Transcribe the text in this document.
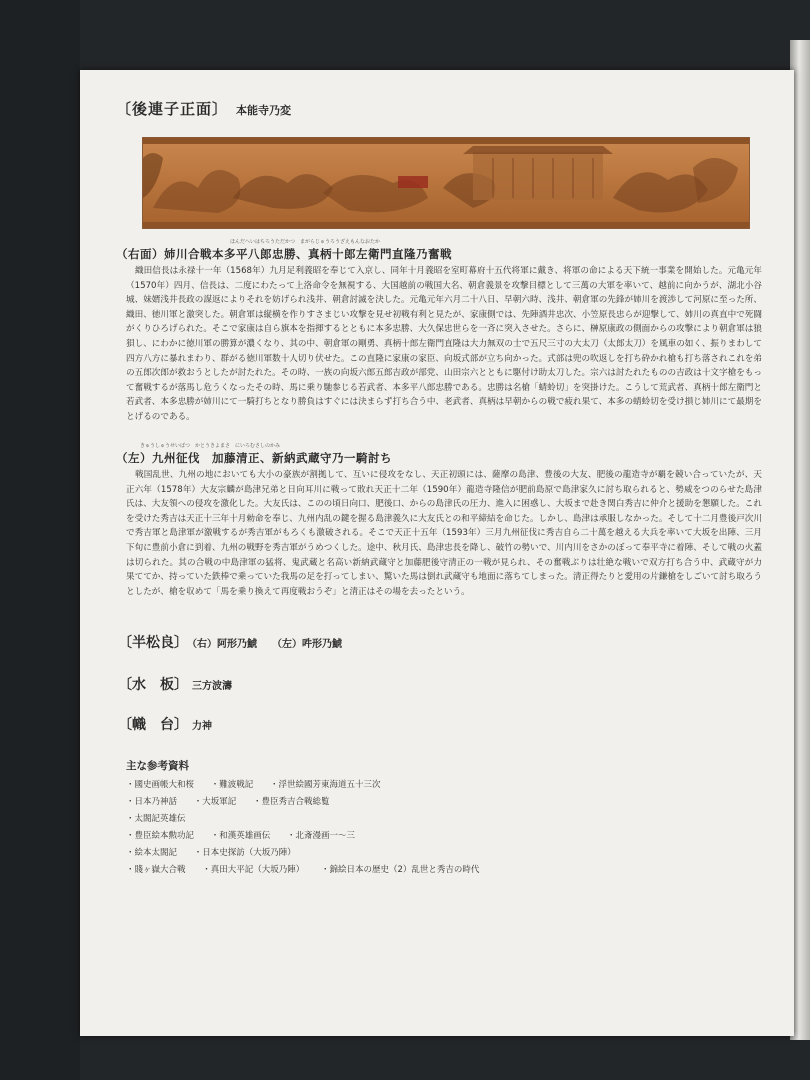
〔後連子正面〕 本能寺乃変
（右面）姉川合戦本多平八郎忠勝、真柄十郎左衛門直隆乃奮戦
ほんだへいはちろうただかつ　まがらじゅうろうざえもんなおたか
織田信長は永禄十一年（1568年）九月足利義昭を奉じて入京し、同年十月義昭を室町幕府十五代将軍に戴き、将軍の命による天下統一事業を開始した。元亀元年（1570年）四月、信長は、二度にわたって上洛命令を無視する、大国越前の戦国大名、朝倉義景を攻撃目標として三萬の大軍を率いて、越前に向かうが、湖北小谷城、妹婿浅井長政の謀返によりそれを妨げられ浅井、朝倉討滅を決した。元亀元年六月二十八日、早朝六時、浅井、朝倉軍の先鋒が姉川を渡渉して河原に至った所、織田、徳川軍と激突した。朝倉軍は縦横を作りすさまじい攻撃を見せ初戦有利と見たが、家康側では、先陣酒井忠次、小笠原長忠らが迎撃して、姉川の真直中で死闘がくりひろげられた。そこで家康は自ら旗本を指揮するとともに本多忠勝、大久保忠世らを一斉に突入させた。さらに、榊原康政の側面からの攻撃により朝倉軍は狼狽し、にわかに徳川軍の勝算が濃くなり、其の中、朝倉軍の剛勇、真柄十郎左衛門直隆は大力無双の士で五尺三寸の大太刀（太郎太刀）を風車の如く、振りまわして四方八方に暴れまわり、群がる徳川軍数十人切り伏せた。この直隆に家康の家臣、向坂式部が立ち向かった。式部は兜の吹返しを打ち砕かれ槍も打ち落されこれを弟の五郎次郎が救おうとしたが討たれた。その時、一族の向坂六郎五郎吉政が部党、山田宗六とともに駆付け助太刀した。宗六は討たれたものの吉政は十文字槍をもって奮戦するが落馬し危うくなったその時、馬に乗り馳参じる若武者、本多平八郎忠勝である。忠勝は名槍「蜻蛉切」を突掛けた。こうして荒武者、真柄十郎左衛門と若武者、本多忠勝が姉川にて一騎打ちとなり勝負はすぐには決まらず打ち合う中、老武者、真柄は早朝からの戦で疲れ果て、本多の蜻蛉切を受け損じ姉川にて最期をとげるのである。
（左）九州征伐　加藤清正、新納武蔵守乃一騎討ち
きゅうしゅうせいばつ　かとうきよまさ　にいろむさしのかみ
戦国乱世、九州の地においても大小の豪族が割拠して、互いに侵攻をなし、天正初頭には、薩摩の島津、豊後の大友、肥後の龍造寺が覇を競い合っていたが、天正六年（1578年）大友宗麟が島津兄弟と日向耳川に戦って敗れ天正十二年（1590年）龍造寺隆信が肥前島原で島津家久に討ち取られると、勢威をつのらせた島津氏は、大友領への侵攻を激化した。大友氏は、このの頃日向口、肥後口、からの島津氏の圧力、進入に困惑し、大坂まで赴き関白秀吉に仲介と援助を懇願した。これを受けた秀吉は天正十三年十月勅命を奉じ、九州内乱の鍵を握る島津義久に大友氏との和平締結を命じた。しかし、島津は承服しなかった。そして十二月豊後戸次川で秀吉軍と島津軍が激戦するが秀吉軍がもろくも激破される。そこで天正十五年（1593年）三月九州征伐に秀吉自ら二十萬を越える大兵を率いて大坂を出陣、三月下旬に豊前小倉に到着、九州の戦野を秀吉軍がうめつくした。途中、秋月氏、島津忠長を降し、破竹の勢いで、川内川をさかのぼって奉平寺に着陣、そして戦の火蓋は切られた。其の合戦の中島津軍の猛将、鬼武蔵と名高い新納武蔵守と加藤肥後守清正の一戦が見られ、その奮戦ぶりは壮絶な戦いで双方打ち合う中、武蔵守が力果ててか、持っていた鉄棒で乗っていた我馬の足を打ってしまい、驚いた馬は倒れ武蔵守も地面に落ちてしまった。清正得たりと愛用の片鎌槍をしごいて討ち取ろうとしたが、槍を収めて「馬を乗り換えて再度戦おうぞ」と清正はその場を去ったという。
〔半松良〕 （右）阿形乃鯱　　（左）吽形乃鯱
〔水　板〕 三方波濤
〔幟　台〕 力神
主な参考資料
・國史画帳大和桜 ・難波戦記 ・浮世絵國芳東海道五十三次
・日本乃神話 ・大坂軍記 ・豊臣秀吉合戦総覧
・太閤記英雄伝
・豊臣絵本勲功記 ・和漢英雄画伝 ・北斎漫画一〜三
・絵本太閤記 ・日本史探訪（大坂乃陣）
・賤ヶ嶽大合戦 ・真田大平記（大坂乃陣） ・錦絵日本の歴史（2）乱世と秀吉の時代
